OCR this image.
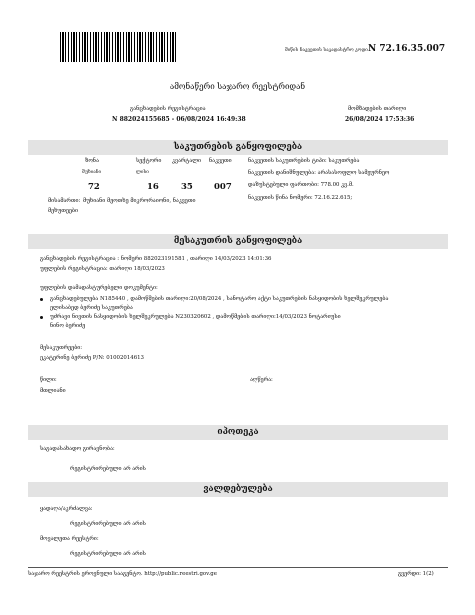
მიწის ნაკვეთის საკადასტრო კოდი N 72.16.35.007
ამონაწერი საჯარო რეესტრიდან
განცხადების რეგისტრაცია
N 882024155685 - 06/08/2024 16:49:38
მომზადების თარიღი
26/08/2024 17:53:36
საკუთრების განყოფილება
ზონა	სექტორი კვარტალი ნაკვეთი
მუხიანი	ლისი
72	16	35 007
ნაკვეთის საკუთრების ტიპი: საკუთრება
ნაკვეთის დანიშნულება: არასასოფლო სამეურნეო
დაზუსტებული ფართობი: 778.00 კვ.მ.
ნაკვეთის წინა ნომერი: 72.16.22.615;
მისამართი: მუხიანი მეოთხე მიკრორაიონი, ნაკვეთი
მეხუთეები
მესაკუთრის განყოფილება
განცხადების რეგისტრაცია : ნომერი 882023191581 , თარიღი 14/03/2023 14:01:36
უფლების რეგისტრაცია: თარიღი 18/03/2023
უფლების დამადასტურებელი დოკუმენტი:
განცხადებულება N185440 , დამოწმების თარიღი:20/08/2024 , სანოტარო აქტი საკუთრების ნასყიდობის ხელშეკრულება
ელისაბედ ბერიძე საკუთრება
უძრავი ნივთის ნასყიდობის ხელშეკრულება N230320602 , დამოწმების თარიღი:14/03/2023 ნოტარიუსი
ნინო ბერიძე
მესაკუთრეები:
ეკატერინე ბერიძე P/N: 01002014613
წილი:
მთლიანი
აღწერა:
იპოთეკა
საგადასახადო გირავნობა:
რეგისტრირებული არ არის
ვალდებულება
ყადაღა/აკრძალვა:
რეგისტრირებული არ არის
მოვალეთა რეესტრი:
რეგისტრირებული არ არის
საჯარო რეესტრის ეროვნული სააგენტო. http://public.reestri.gov.ge	გვერდი: 1(2)
